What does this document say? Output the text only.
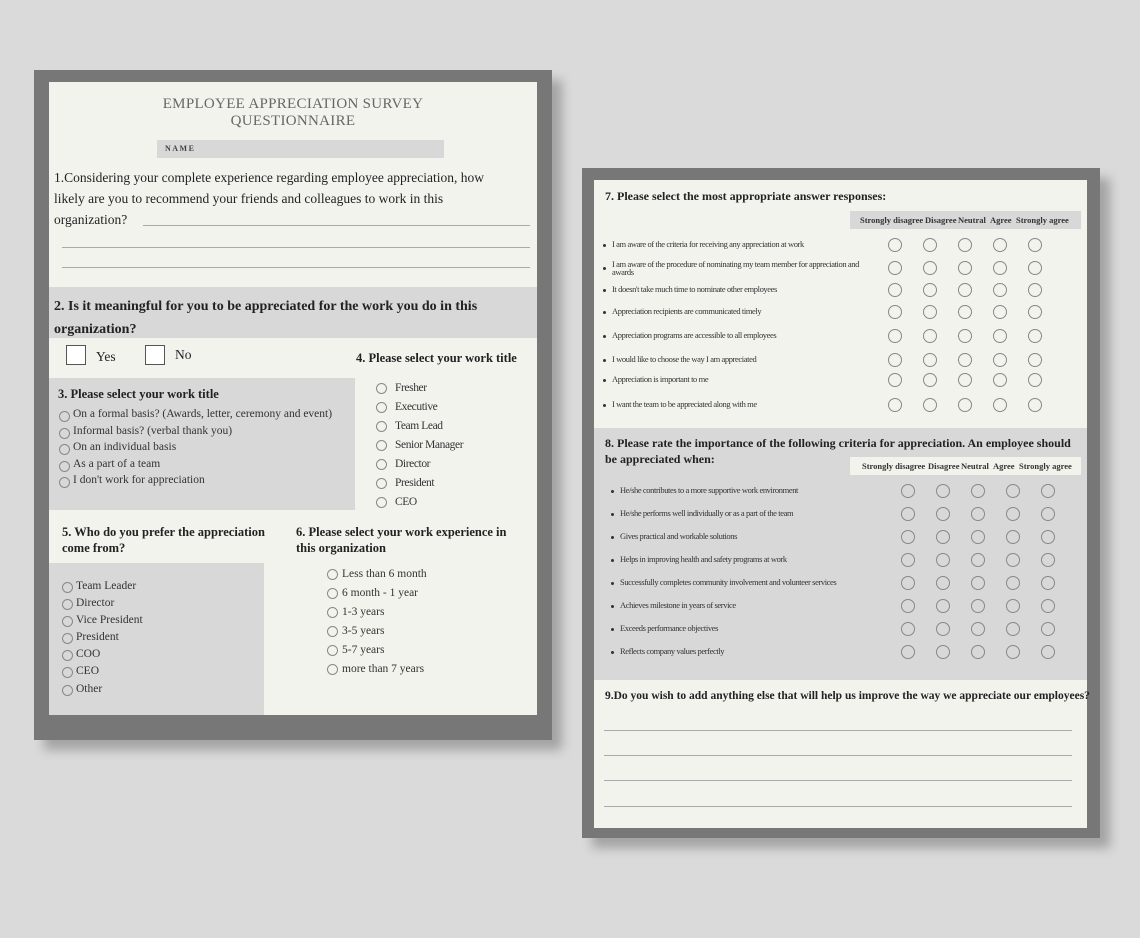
EMPLOYEE APPRECIATION SURVEY
QUESTIONNAIRE
NAME
1.Considering your complete experience regarding employee appreciation, how
likely are you to recommend your friends and colleagues to work in this
organization?
2. Is it meaningful for you to be appreciated for the work you do in this
organization?
Yes	No
3. Please select your work title
On a formal basis? (Awards, letter, ceremony and event)
Informal basis? (verbal thank you)
On an individual basis
As a part of a team
I don't work for appreciation
4. Please select your work title
Fresher
Executive
Team Lead
Senior Manager
Director
President
CEO
5. Who do you prefer the appreciation
come from?
Team Leader
Director
Vice President
President
COO
CEO
Other
6. Please select your work experience in
this organization
Less than 6 month
6 month - 1 year
1-3 years
3-5 years
5-7 years
more than 7 years
7. Please select the most appropriate answer responses:
Strongly disagree Disagree Neutral Agree Strongly agree
I am aware of the criteria for receiving any appreciation at work
I am aware of the procedure of nominating my team member for appreciation and awards
It doesn't take much time to nominate other employees
Appreciation recipients are communicated timely
Appreciation programs are accessible to all employees
I would like to choose the way I am appreciated
Appreciation is important to me
I want the team to be appreciated along with me
8. Please rate the importance of the following criteria for appreciation. An employee should
be appreciated when:	Strongly disagree Disagree Neutral Agree Strongly agree
He/she contributes to a more supportive work environment
He/she performs well individually or as a part of the team
Gives practical and workable solutions
Helps in improving health and safety programs at work
Successfully completes community involvement and volunteer services
Achieves milestone in years of service
Exceeds performance objectives
Reflects company values perfectly
9.Do you wish to add anything else that will help us improve the way we appreciate our employees?
